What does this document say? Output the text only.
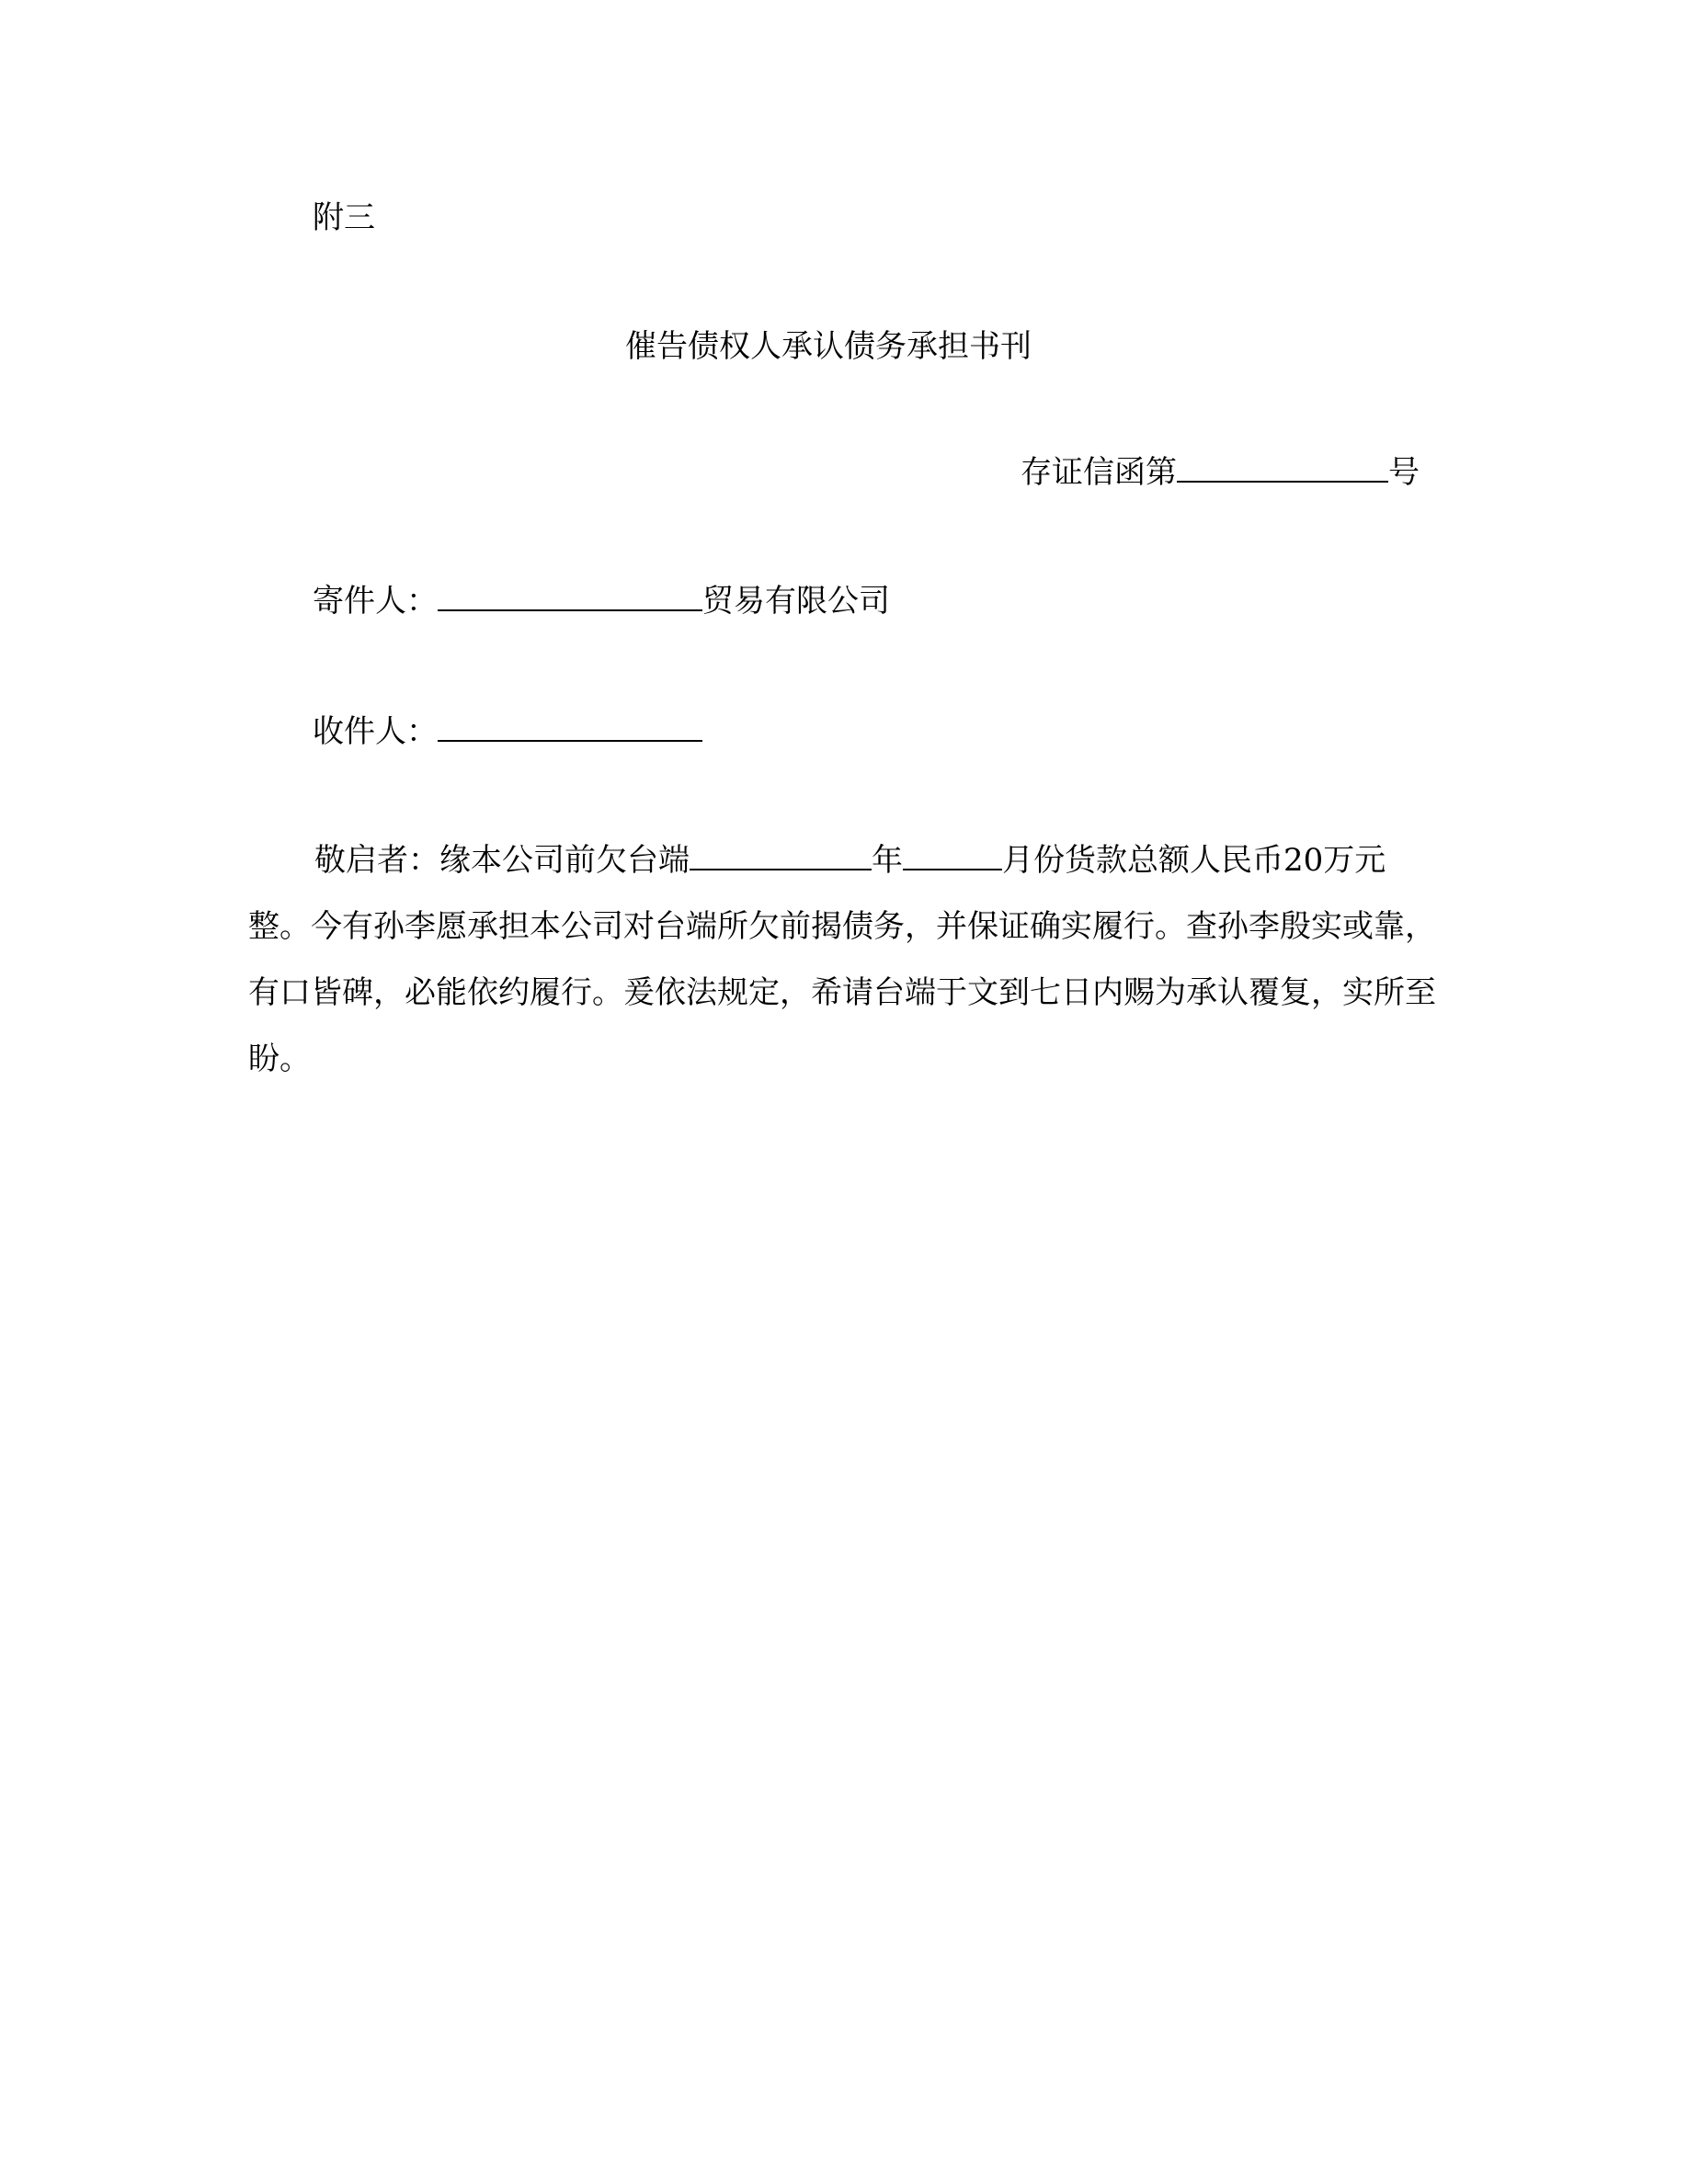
附三
催告债权人承认债务承担书刊
存证信函第	号
寄件人：	贸易有限公司
收件人：
敬启者：缘本公司前欠台端	年	月份货款总额人民币20万元
整。今有孙李愿承担本公司对台端所欠前揭债务，并保证确实履行。查孙李殷实或靠，有口皆碑，必能依约履行。爰依法规定，希请台端于文到七日内赐为承认覆复，实所至盼。
